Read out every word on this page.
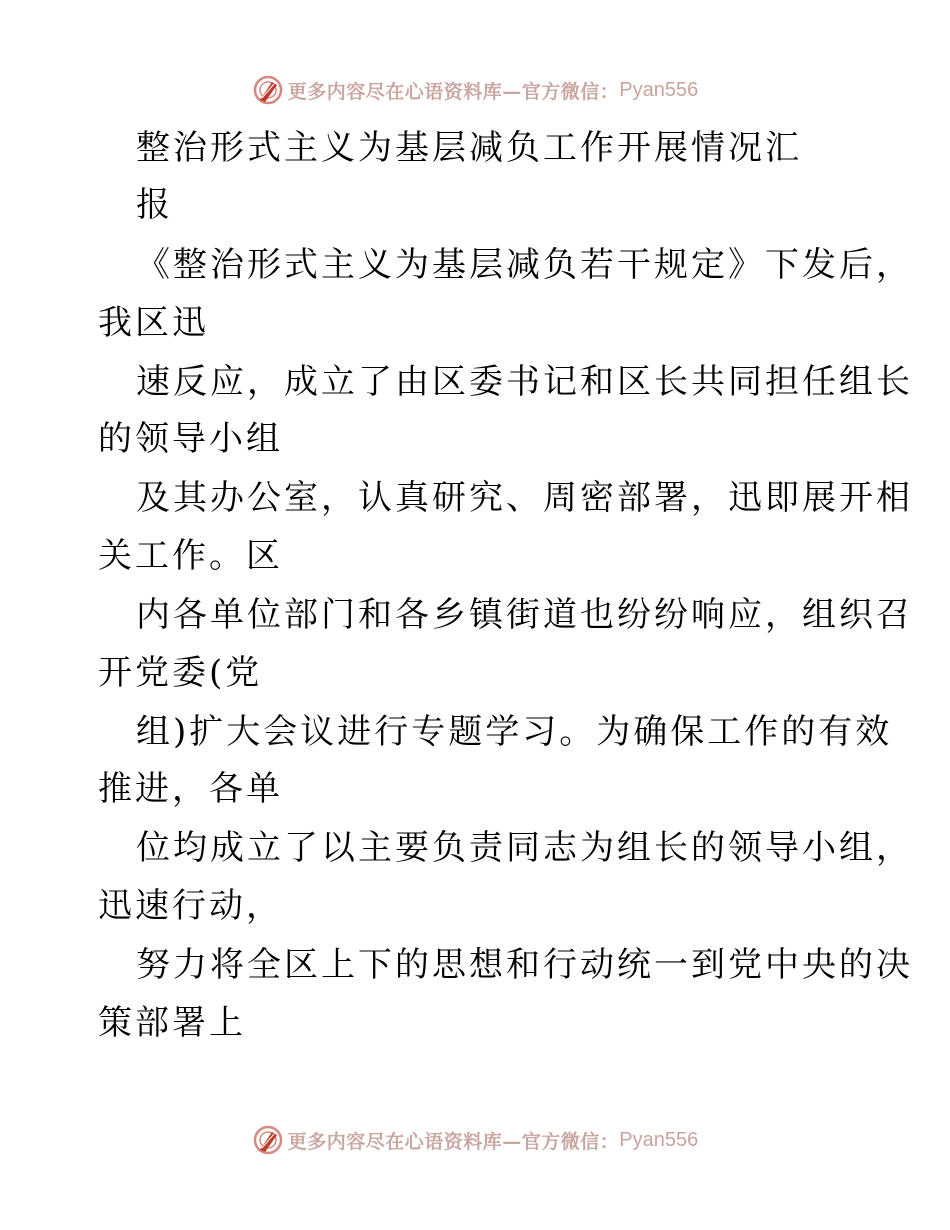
更多内容尽在心语资料库—官方微信： Pyan556
整治形式主义为基层减负工作开展情况汇
报
《整治形式主义为基层减负若干规定》下发后，
我区迅
速反应，成立了由区委书记和区长共同担任组长
的领导小组
及其办公室，认真研究、周密部署，迅即展开相
关工作。区
内各单位部门和各乡镇街道也纷纷响应，组织召
开党委(党
组)扩大会议进行专题学习。为确保工作的有效
推进，各单
位均成立了以主要负责同志为组长的领导小组，
迅速行动，
努力将全区上下的思想和行动统一到党中央的决
策部署上
更多内容尽在心语资料库—官方微信： Pyan556
